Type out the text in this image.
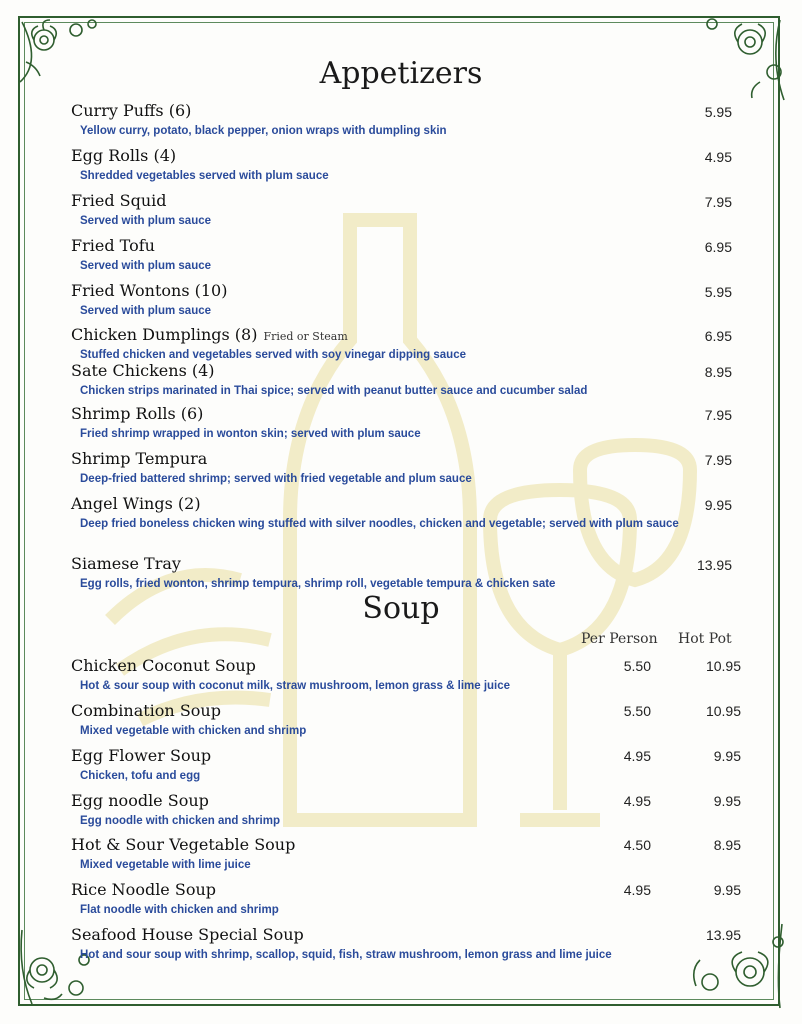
Appetizers
Curry Puffs (6)
Yellow curry, potato, black pepper, onion wraps with dumpling skin
5.95
Egg Rolls (4)
Shredded vegetables served with plum sauce
4.95
Fried Squid
Served with plum sauce
7.95
Fried Tofu
Served with plum sauce
6.95
Fried Wontons (10)
Served with plum sauce
5.95
Chicken Dumplings (8) Fried or Steam
Stuffed chicken and vegetables served with soy vinegar dipping sauce
6.95
Sate Chickens (4)
Chicken strips marinated in Thai spice; served with peanut butter sauce and cucumber salad
8.95
Shrimp Rolls (6)
Fried shrimp wrapped in wonton skin; served with plum sauce
7.95
Shrimp Tempura
Deep-fried battered shrimp; served with fried vegetable and plum sauce
7.95
Angel Wings (2)
Deep fried boneless chicken wing stuffed with silver noodles, chicken and vegetable; served with plum sauce
9.95
Siamese Tray
Egg rolls, fried wonton, shrimp tempura, shrimp roll, vegetable tempura & chicken sate
13.95
Soup
Per Person Hot Pot
Chicken Coconut Soup
Hot & sour soup with coconut milk, straw mushroom, lemon grass & lime juice
5.50	10.95
Combination Soup
Mixed vegetable with chicken and shrimp
5.50	10.95
Egg Flower Soup
Chicken, tofu and egg
4.95	9.95
Egg noodle Soup
Egg noodle with chicken and shrimp
4.95	9.95
Hot & Sour Vegetable Soup
Mixed vegetable with lime juice
4.50	8.95
Rice Noodle Soup
Flat noodle with chicken and shrimp
4.95	9.95
Seafood House Special Soup
Hot and sour soup with shrimp, scallop, squid, fish, straw mushroom, lemon grass and lime juice
13.95
